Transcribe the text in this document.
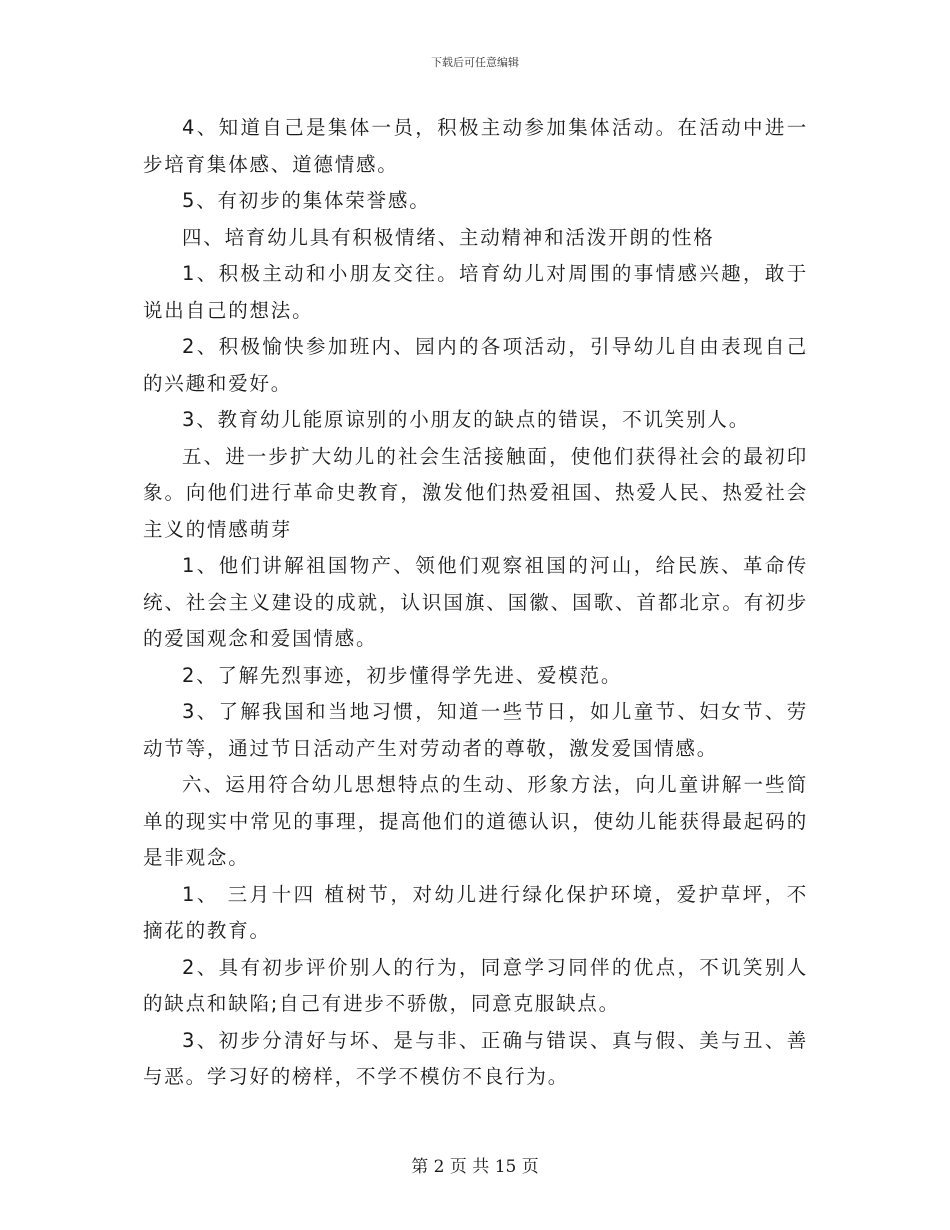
下载后可任意编辑

4、知道自己是集体一员，积极主动参加集体活动。在活动中进一步培育集体感、道德情感。

5、有初步的集体荣誉感。

四、培育幼儿具有积极情绪、主动精神和活泼开朗的性格

1、积极主动和小朋友交往。培育幼儿对周围的事情感兴趣，敢于说出自己的想法。

2、积极愉快参加班内、园内的各项活动，引导幼儿自由表现自己的兴趣和爱好。

3、教育幼儿能原谅别的小朋友的缺点的错误，不讥笑别人。

五、进一步扩大幼儿的社会生活接触面，使他们获得社会的最初印象。向他们进行革命史教育，激发他们热爱祖国、热爱人民、热爱社会主义的情感萌芽

1、他们讲解祖国物产、领他们观察祖国的河山，给民族、革命传统、社会主义建设的成就，认识国旗、国徽、国歌、首都北京。有初步的爱国观念和爱国情感。

2、了解先烈事迹，初步懂得学先进、爱模范。

3、了解我国和当地习惯，知道一些节日，如儿童节、妇女节、劳动节等，通过节日活动产生对劳动者的尊敬，激发爱国情感。

六、运用符合幼儿思想特点的生动、形象方法，向儿童讲解一些简单的现实中常见的事理，提高他们的道德认识，使幼儿能获得最起码的是非观念。

1、 三月十四 植树节，对幼儿进行绿化保护环境，爱护草坪，不摘花的教育。

2、具有初步评价别人的行为，同意学习同伴的优点，不讥笑别人的缺点和缺陷;自己有进步不骄傲，同意克服缺点。

3、初步分清好与坏、是与非、正确与错误、真与假、美与丑、善与恶。学习好的榜样，不学不模仿不良行为。

第 2 页 共 15 页
